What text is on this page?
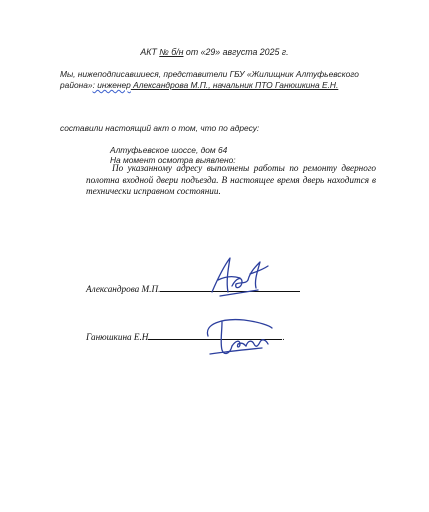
АКТ № б/н от «29» августа 2025 г.
Мы, нижеподписавшиеся, представители ГБУ «Жилищник Алтуфьевского
района»: инженер Александрова М.П., начальник ПТО Ганюшкина Е.Н.
составили настоящий акт о том, что по адресу:
Алтуфьевское шоссе, дом 64
На момент осмотра выявлено:
По указанному адресу выполнены работы по ремонту дверного полотна входной двери подъезда. В настоящее время дверь находится в технически исправном состоянии.
Александрова М.П.
Ганюшкина Е.Н	.
